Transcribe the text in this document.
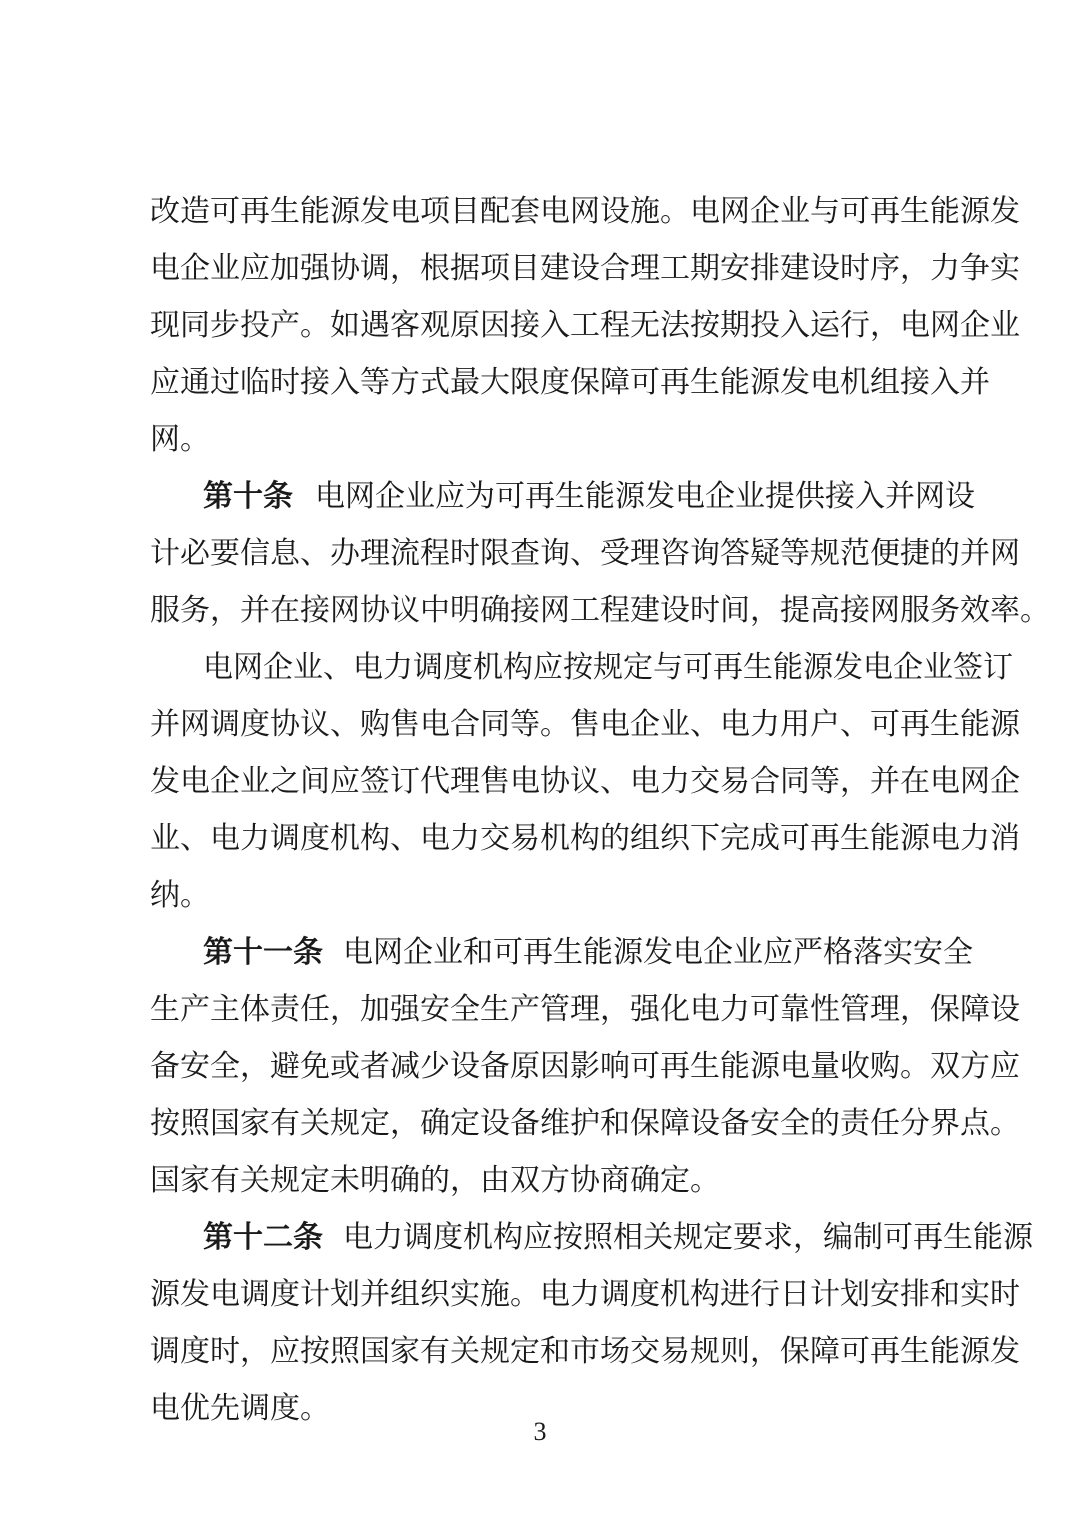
改 造 可 再 生 能 源 发 电 项 目 配 套 电 网 设 施 。 电 网 企 业 与 可 再 生 能 源 发
电 企 业 应 加 强 协 调 ， 根 据 项 目 建 设 合 理 工 期 安 排 建 设 时 序 ， 力 争 实
现 同 步 投 产 。 如 遇 客 观 原 因 接 入 工 程 无 法 按 期 投 入 运 行 ， 电 网 企 业
应 通 过 临 时 接 入 等 方 式 最 大 限 度 保 障 可 再 生 能 源 发 电 机 组 接 入 并
网。
第十条 电 网 企 业 应 为 可 再 生 能 源 发 电 企 业 提 供 接 入 并 网 设
计 必 要 信 息 、 办 理 流 程 时 限 查 询 、 受 理 咨 询 答 疑 等 规 范 便 捷 的 并 网
服 务 ， 并 在 接 网 协 议 中 明 确 接 网 工 程 建 设 时 间 ， 提 高 接 网 服 务 效 率 。
电 网 企 业 、 电 力 调 度 机 构 应 按 规 定 与 可 再 生 能 源 发 电 企 业 签 订
并 网 调 度 协 议 、 购 售 电 合 同 等 。 售 电 企 业 、 电 力 用 户 、 可 再 生 能 源
发 电 企 业 之 间 应 签 订 代 理 售 电 协 议 、 电 力 交 易 合 同 等 ， 并 在 电 网 企
业 、 电 力 调 度 机 构 、 电 力 交 易 机 构 的 组 织 下 完 成 可 再 生 能 源 电 力 消
纳。
第十一条 电 网 企 业 和 可 再 生 能 源 发 电 企 业 应 严 格 落 实 安 全
生 产 主 体 责 任 ， 加 强 安 全 生 产 管 理 ， 强 化 电 力 可 靠 性 管 理 ， 保 障 设
备 安 全 ， 避 免 或 者 减 少 设 备 原 因 影 响 可 再 生 能 源 电 量 收 购 。 双 方 应
按 照 国 家 有 关 规 定 ， 确 定 设 备 维 护 和 保 障 设 备 安 全 的 责 任 分 界 点 。
国家有关规定未明确的，由双方协商确定。
第十二条 电 力 调 度 机 构 应 按 照 相 关 规 定 要 求 ， 编 制 可 再 生 能 源
源 发 电 调 度 计 划 并 组 织 实 施 。 电 力 调 度 机 构 进 行 日 计 划 安 排 和 实 时
调 度 时 ， 应 按 照 国 家 有 关 规 定 和 市 场 交 易 规 则 ， 保 障 可 再 生 能 源 发
电优先调度。
3
